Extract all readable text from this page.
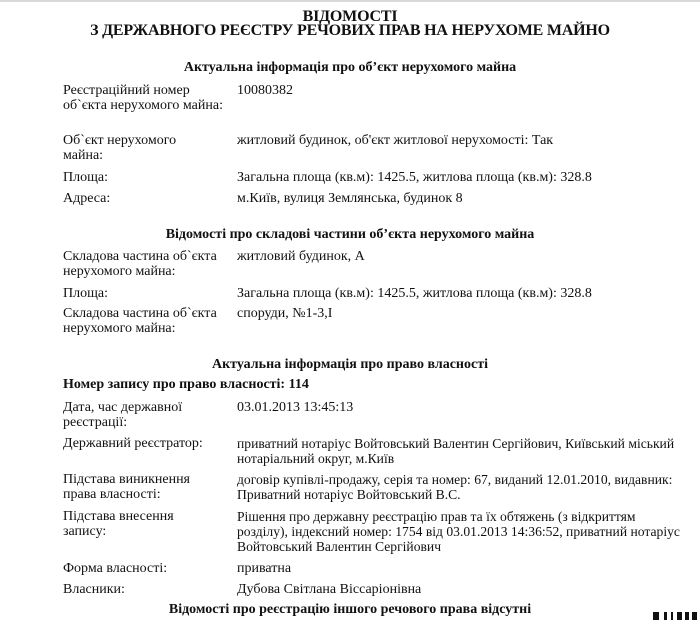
ВІДОМОСТІ
З ДЕРЖАВНОГО РЕЄСТРУ РЕЧОВИХ ПРАВ НА НЕРУХОМЕ МАЙНО
Актуальна інформація про об’єкт нерухомого майна
Реєстраційний номер об`єкта нерухомого майна:
10080382
Об`єкт нерухомого майна:
житловий будинок, об'єкт житлової нерухомості: Так
Площа:	Загальна площа (кв.м): 1425.5, житлова площа (кв.м): 328.8
Адреса:	м.Київ, вулиця Землянська, будинок 8
Відомості про складові частини об’єкта нерухомого майна
Складова частина об`єкта нерухомого майна:
житловий будинок, А
Площа:	Загальна площа (кв.м): 1425.5, житлова площа (кв.м): 328.8
Складова частина об`єкта нерухомого майна:
споруди, №1-3,І
Актуальна інформація про право власності
Номер запису про право власності: 114
Дата, час державної реєстрації:
03.01.2013 13:45:13
Державний реєстратор:	приватний нотаріус Войтовський Валентин Сергійович, Київський міський нотаріальний округ, м.Київ
Підстава виникнення права власності:
договір купівлі-продажу, серія та номер: 67, виданий 12.01.2010, видавник: Приватний нотаріус Войтовський В.С.
Підстава внесення запису:
Рішення про державну реєстрацію прав та їх обтяжень (з відкриттям розділу), індексний номер: 1754 від 03.01.2013 14:36:52, приватний нотаріус Войтовський Валентин Сергійович
Форма власності:	приватна
Власники:	Дубова Світлана Віссаріонівна
Відомості про реєстрацію іншого речового права відсутні
